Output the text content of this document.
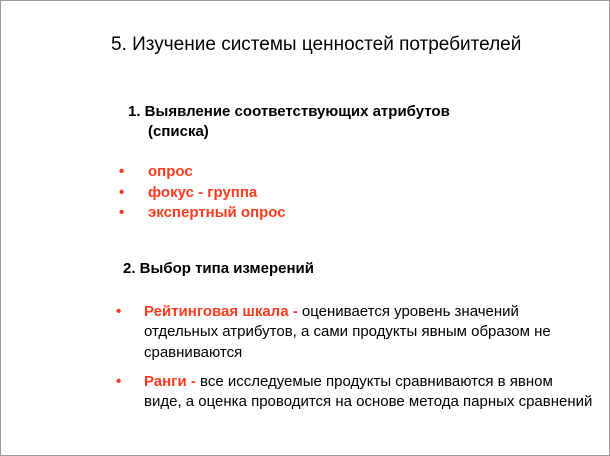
5. Изучение системы ценностей потребителей
1. Выявление соответствующих атрибутов
(списка)
• опрос
• фокус - группа
• экспертный опрос
2. Выбор типа измерений
• Рейтинговая шкала - оценивается уровень значений отдельных атрибутов, а сами продукты явным образом не сравниваются
• Ранги - все исследуемые продукты сравниваются в явном виде, а оценка проводится на основе метода парных сравнений
